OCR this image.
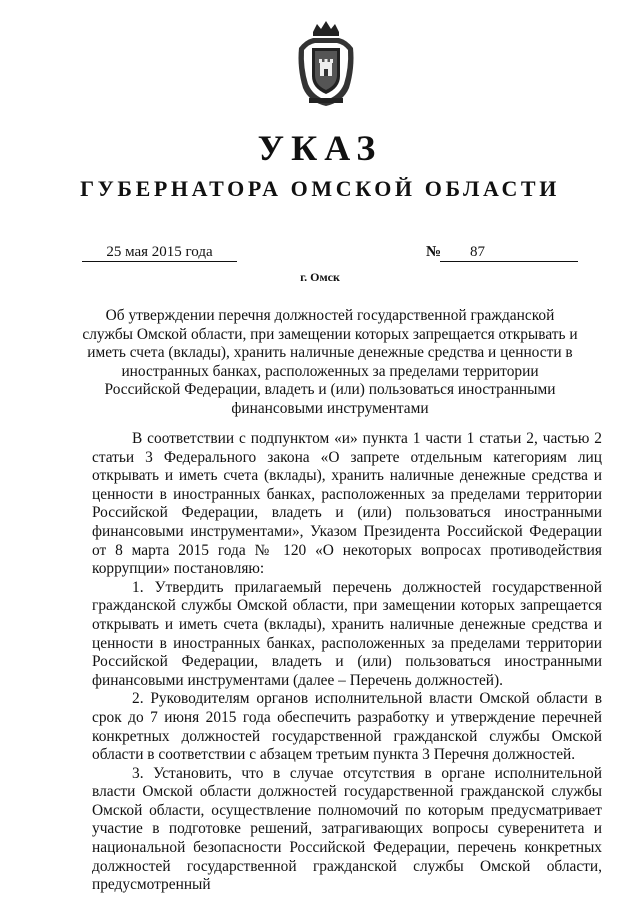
УКАЗ
ГУБЕРНАТОРА ОМСКОЙ ОБЛАСТИ
25 мая 2015 года	№	87
г. Омск
Об утверждении перечня должностей государственной гражданской службы Омской области, при замещении которых запрещается открывать и иметь счета (вклады), хранить наличные денежные средства и ценности в иностранных банках, расположенных за пределами территории Российской Федерации, владеть и (или) пользоваться иностранными финансовыми инструментами

В соответствии с подпунктом «и» пункта 1 части 1 статьи 2, частью 2 статьи 3 Федерального закона «О запрете отдельным категориям лиц открывать и иметь счета (вклады), хранить наличные денежные средства и ценности в иностранных банках, расположенных за пределами территории Российской Федерации, владеть и (или) пользоваться иностранными финансовыми инструментами», Указом Президента Российской Федерации от 8 марта 2015 года № 120 «О некоторых вопросах противодействия коррупции» постановляю:

1. Утвердить прилагаемый перечень должностей государственной гражданской службы Омской области, при замещении которых запрещается открывать и иметь счета (вклады), хранить наличные денежные средства и ценности в иностранных банках, расположенных за пределами территории Российской Федерации, владеть и (или) пользоваться иностранными финансовыми инструментами (далее – Перечень должностей).

2. Руководителям органов исполнительной власти Омской области в срок до 7 июня 2015 года обеспечить разработку и утверждение перечней конкретных должностей государственной гражданской службы Омской области в соответствии с абзацем третьим пункта 3 Перечня должностей.

3. Установить, что в случае отсутствия в органе исполнительной власти Омской области должностей государственной гражданской службы Омской области, осуществление полномочий по которым предусматривает участие в подготовке решений, затрагивающих вопросы суверенитета и национальной безопасности Российской Федерации, перечень конкретных должностей государственной гражданской службы Омской области, предусмотренный
